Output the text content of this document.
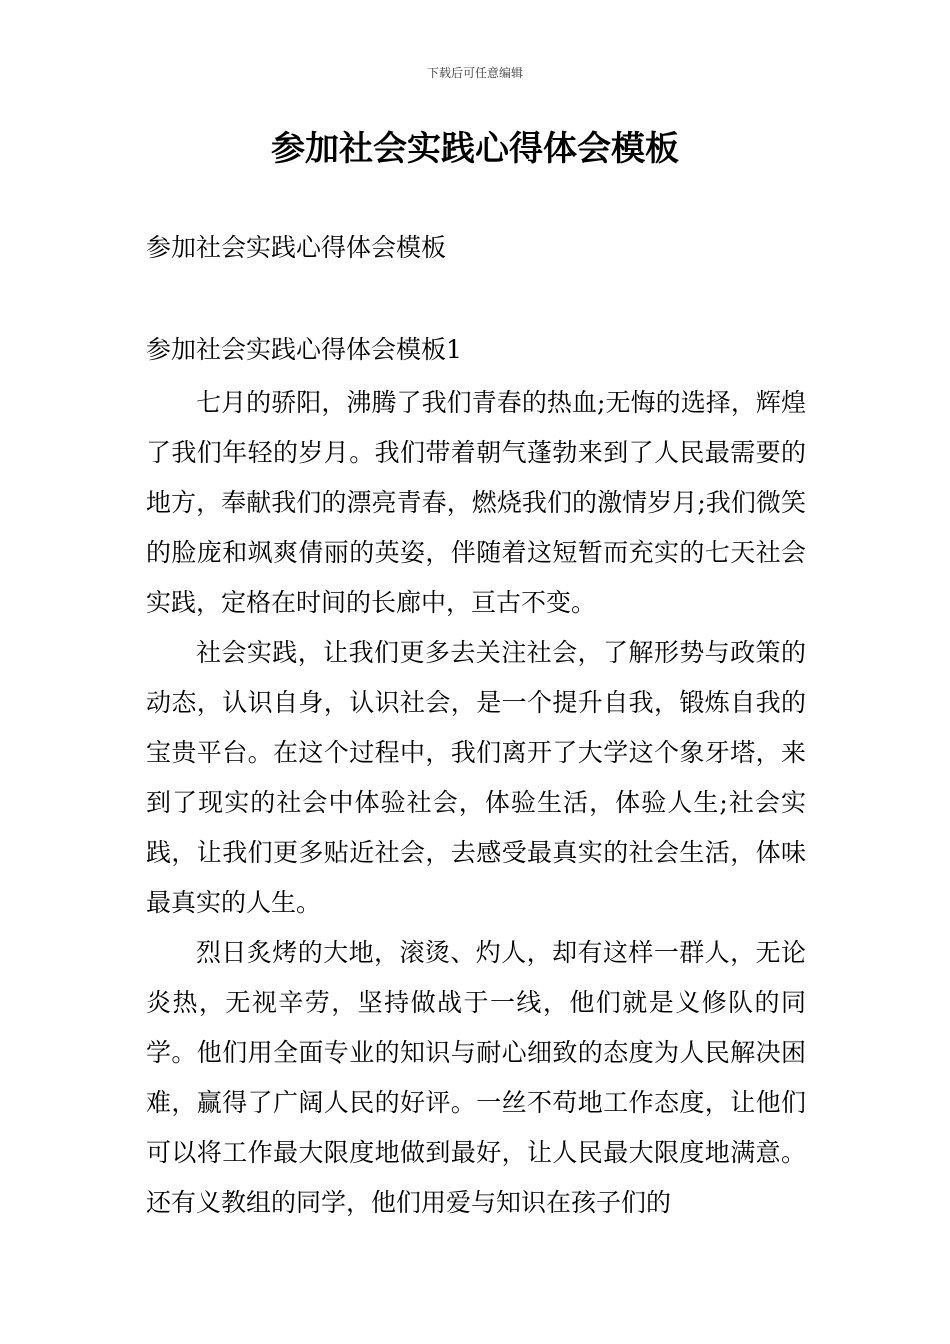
下载后可任意编辑
参加社会实践心得体会模板
参加社会实践心得体会模板
参加社会实践心得体会模板1

七月的骄阳，沸腾了我们青春的热血;无悔的选择，辉煌了我们年轻的岁月。我们带着朝气蓬勃来到了人民最需要的地方，奉献我们的漂亮青春，燃烧我们的激情岁月;我们微笑的脸庞和飒爽倩丽的英姿，伴随着这短暂而充实的七天社会实践，定格在时间的长廊中，亘古不变。

社会实践，让我们更多去关注社会，了解形势与政策的动态，认识自身，认识社会，是一个提升自我，锻炼自我的宝贵平台。在这个过程中，我们离开了大学这个象牙塔，来到了现实的社会中体验社会，体验生活，体验人生;社会实践，让我们更多贴近社会，去感受最真实的社会生活，体味最真实的人生。

烈日炙烤的大地，滚烫、灼人，却有这样一群人，无论炎热，无视辛劳，坚持做战于一线，他们就是义修队的同学。他们用全面专业的知识与耐心细致的态度为人民解决困难，赢得了广阔人民的好评。一丝不苟地工作态度，让他们可以将工作最大限度地做到最好，让人民最大限度地满意。还有义教组的同学，他们用爱与知识在孩子们的
